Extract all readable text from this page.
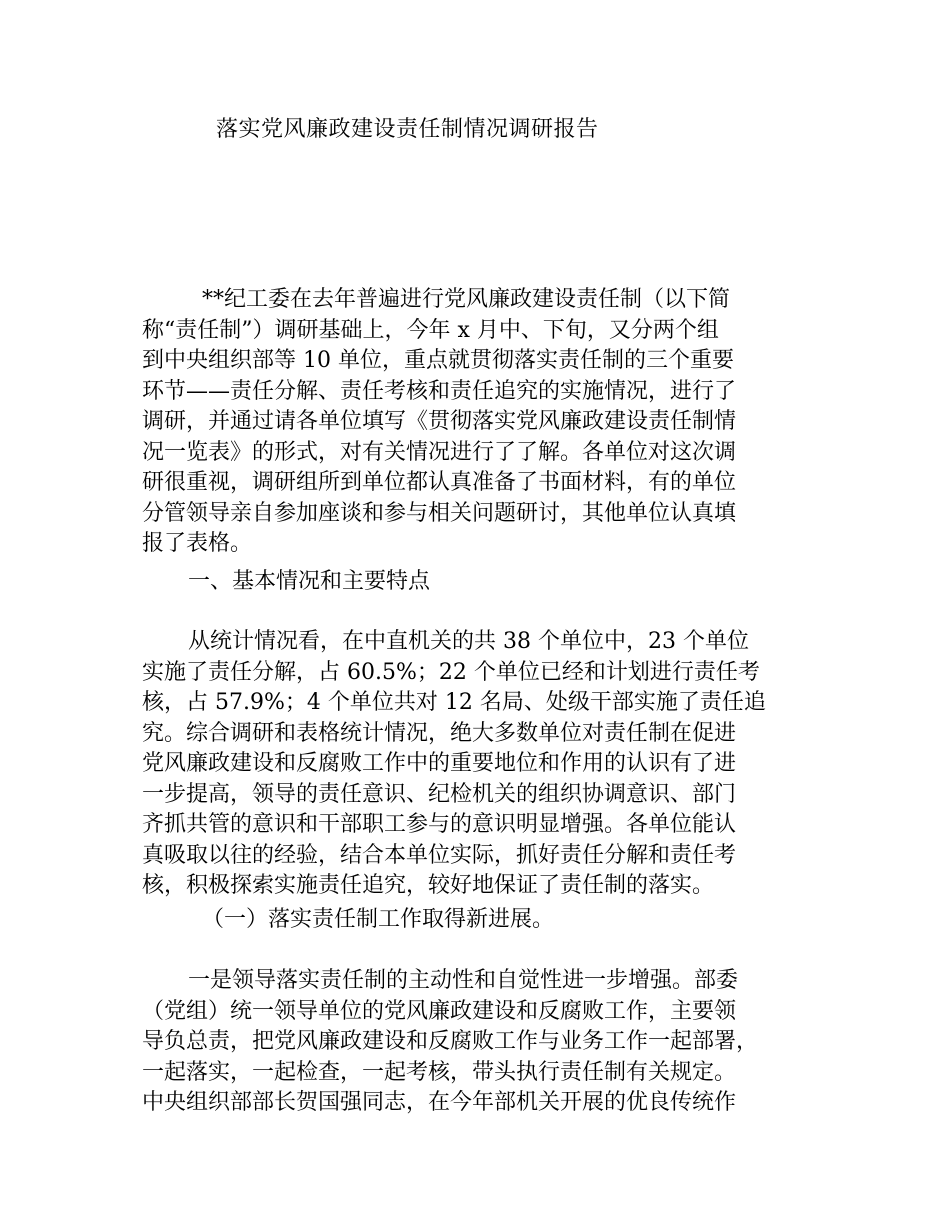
落实党风廉政建设责任制情况调研报告
**纪工委在去年普遍进行党风廉政建设责任制（以下简
称“责任制”）调研基础上，今年 x 月中、下旬，又分两个组
到中央组织部等 10 单位，重点就贯彻落实责任制的三个重要
环节——责任分解、责任考核和责任追究的实施情况，进行了
调研，并通过请各单位填写《贯彻落实党风廉政建设责任制情
况一览表》的形式，对有关情况进行了了解。各单位对这次调
研很重视，调研组所到单位都认真准备了书面材料，有的单位
分管领导亲自参加座谈和参与相关问题研讨，其他单位认真填
报了表格。
一、基本情况和主要特点
从统计情况看，在中直机关的共 38 个单位中，23 个单位
实施了责任分解，占 60.5%；22 个单位已经和计划进行责任考
核，占 57.9%；4 个单位共对 12 名局、处级干部实施了责任追
究。综合调研和表格统计情况，绝大多数单位对责任制在促进
党风廉政建设和反腐败工作中的重要地位和作用的认识有了进
一步提高，领导的责任意识、纪检机关的组织协调意识、部门
齐抓共管的意识和干部职工参与的意识明显增强。各单位能认
真吸取以往的经验，结合本单位实际，抓好责任分解和责任考
核，积极探索实施责任追究，较好地保证了责任制的落实。
（一）落实责任制工作取得新进展。
一是领导落实责任制的主动性和自觉性进一步增强。部委
（党组）统一领导单位的党风廉政建设和反腐败工作，主要领
导负总责，把党风廉政建设和反腐败工作与业务工作一起部署，
一起落实，一起检查，一起考核，带头执行责任制有关规定。
中央组织部部长贺国强同志，在今年部机关开展的优良传统作
